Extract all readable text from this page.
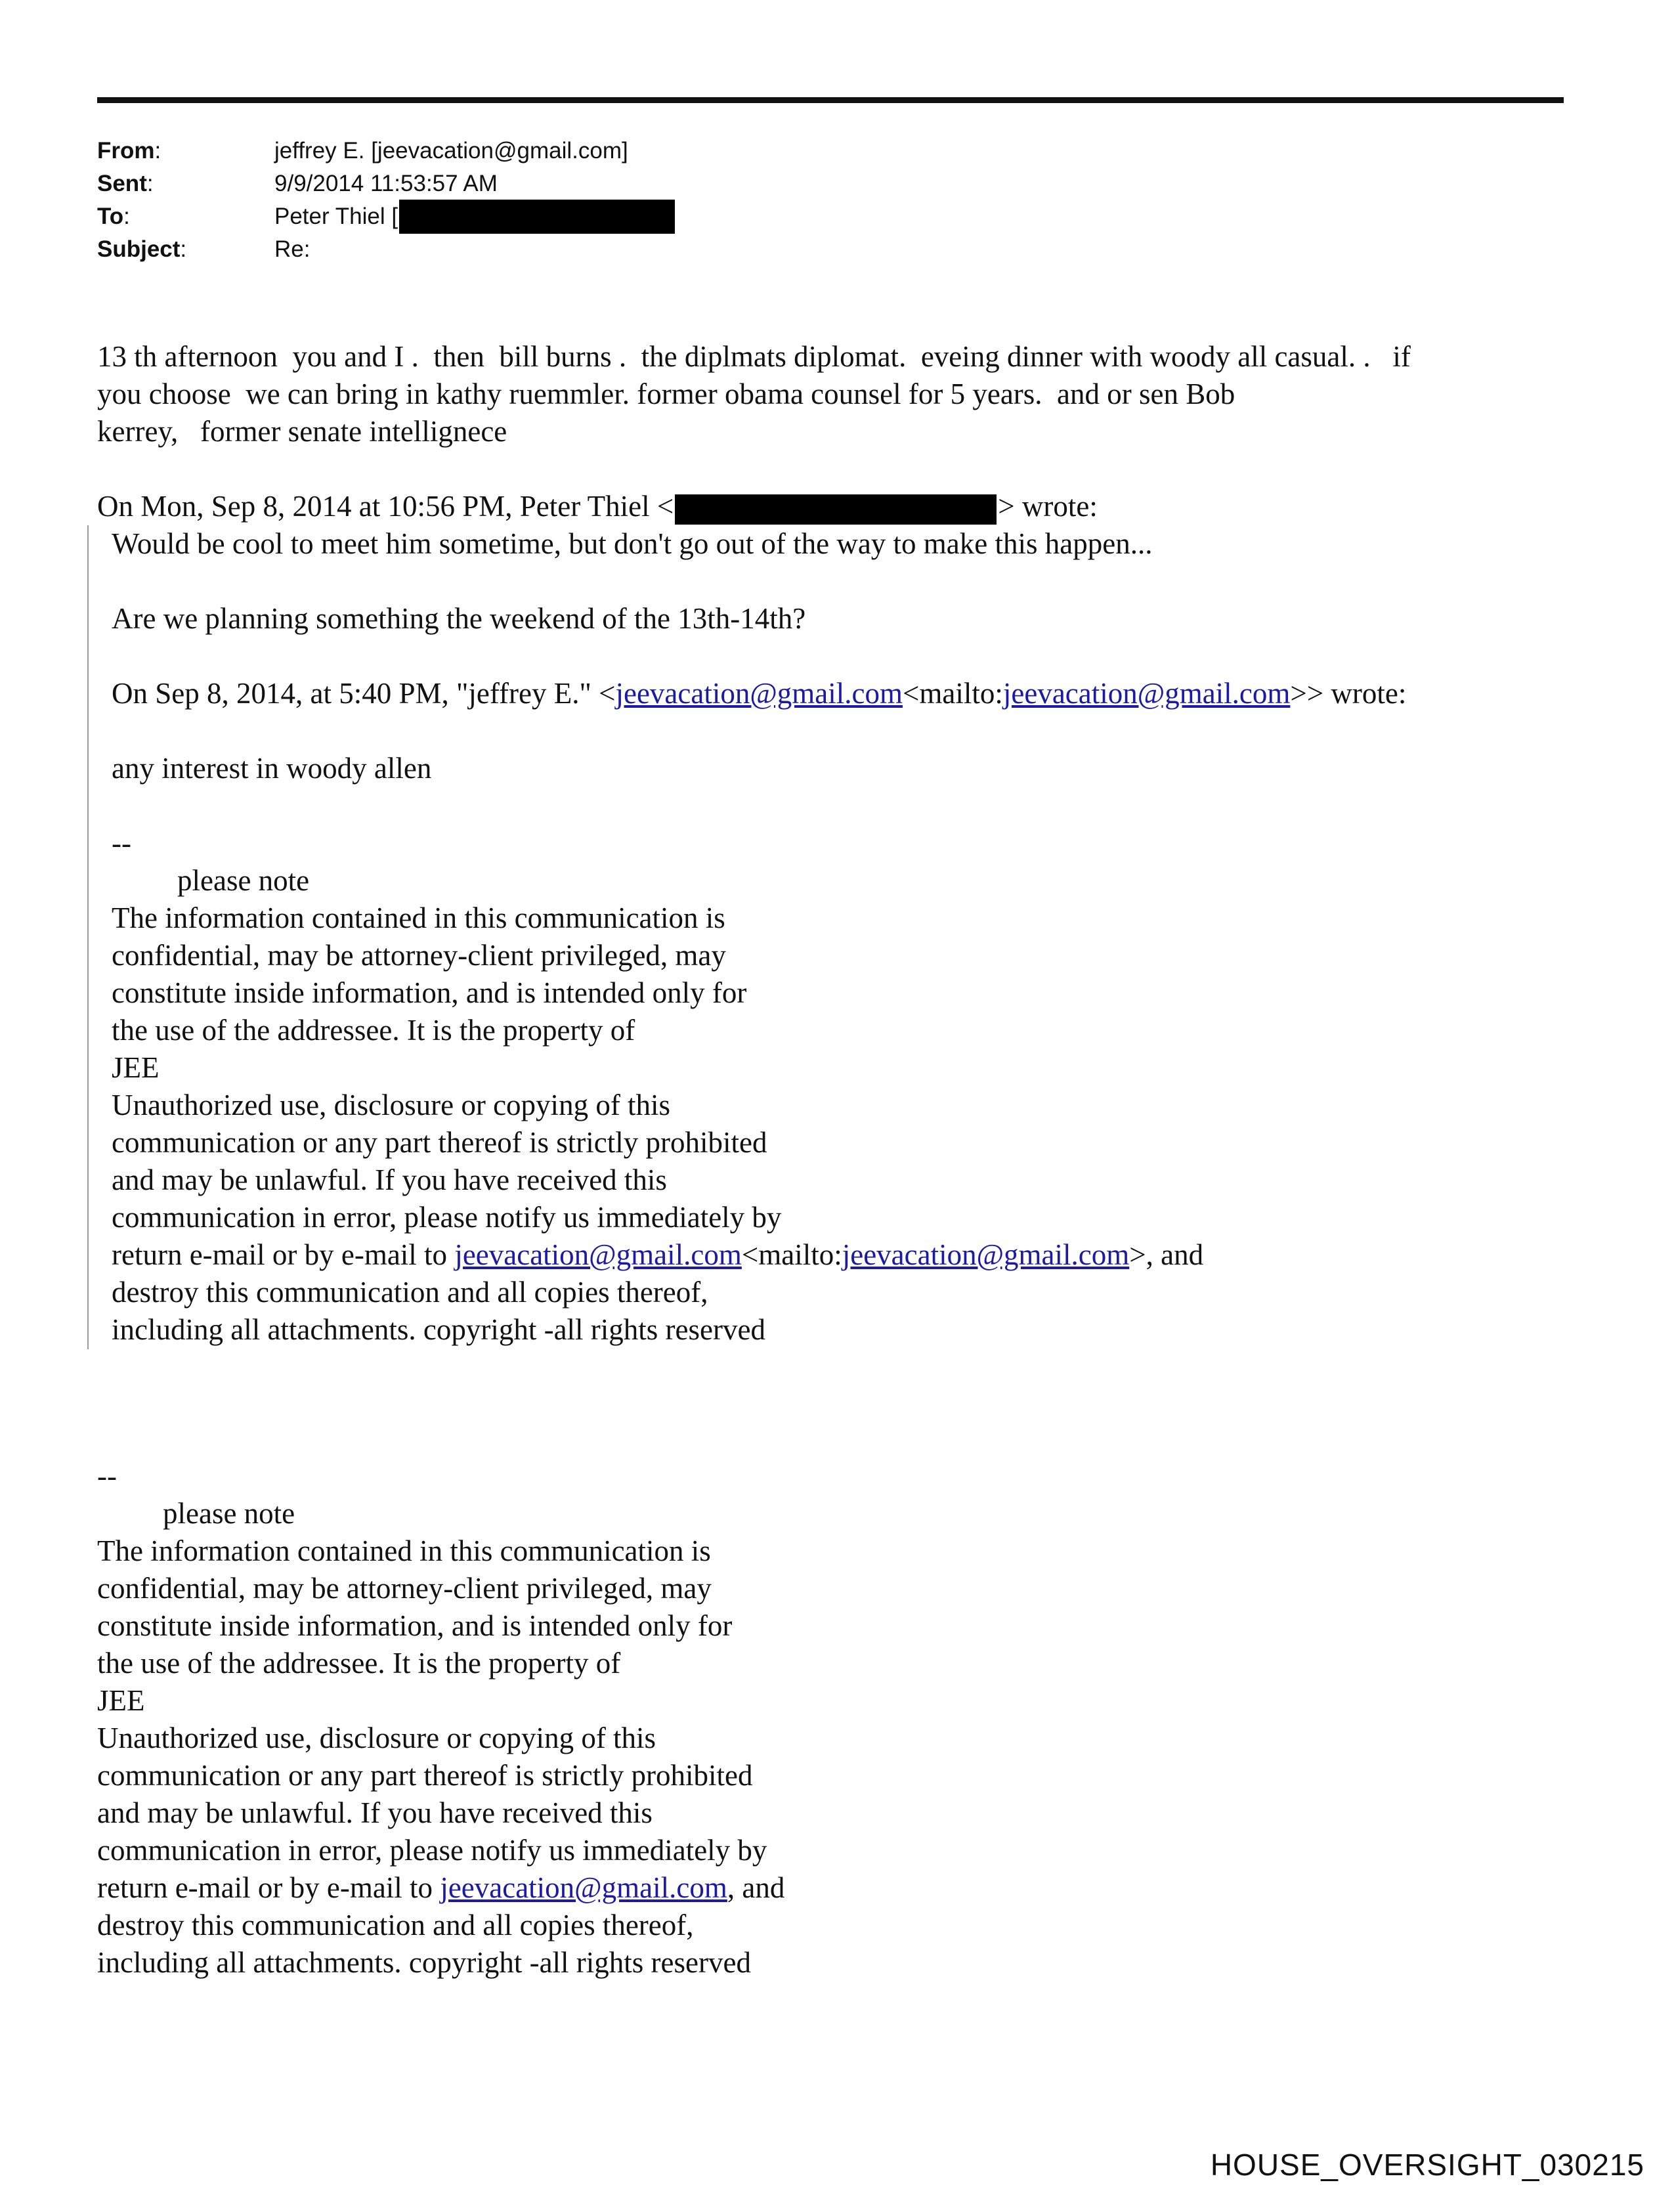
From:	jeffrey E. [jeevacation@gmail.com]
Sent:	9/9/2014 11:53:57 AM
To:	Peter Thiel [
Subject:	Re:
13 th afternoon  you and I .  then  bill burns .  the diplmats diplomat.  eveing dinner with woody all casual. .   if
you choose  we can bring in kathy ruemmler. former obama counsel for 5 years.  and or sen Bob
kerrey,   former senate intellignece
On Mon, Sep 8, 2014 at 10:56 PM, Peter Thiel <	> wrote:
Would be cool to meet him sometime, but don't go out of the way to make this happen...
Are we planning something the weekend of the 13th-14th?
On Sep 8, 2014, at 5:40 PM, "jeffrey E." <jeevacation@gmail.com<mailto:jeevacation@gmail.com>> wrote:
any interest in woody allen
--
please note
The information contained in this communication is
confidential, may be attorney-client privileged, may
constitute inside information, and is intended only for
the use of the addressee. It is the property of
JEE
Unauthorized use, disclosure or copying of this
communication or any part thereof is strictly prohibited
and may be unlawful. If you have received this
communication in error, please notify us immediately by
return e-mail or by e-mail to jeevacation@gmail.com<mailto:jeevacation@gmail.com>, and
destroy this communication and all copies thereof,
including all attachments. copyright -all rights reserved
--
please note
The information contained in this communication is
confidential, may be attorney-client privileged, may
constitute inside information, and is intended only for
the use of the addressee. It is the property of
JEE
Unauthorized use, disclosure or copying of this
communication or any part thereof is strictly prohibited
and may be unlawful. If you have received this
communication in error, please notify us immediately by
return e-mail or by e-mail to jeevacation@gmail.com, and
destroy this communication and all copies thereof,
including all attachments. copyright -all rights reserved
HOUSE_OVERSIGHT_030215
